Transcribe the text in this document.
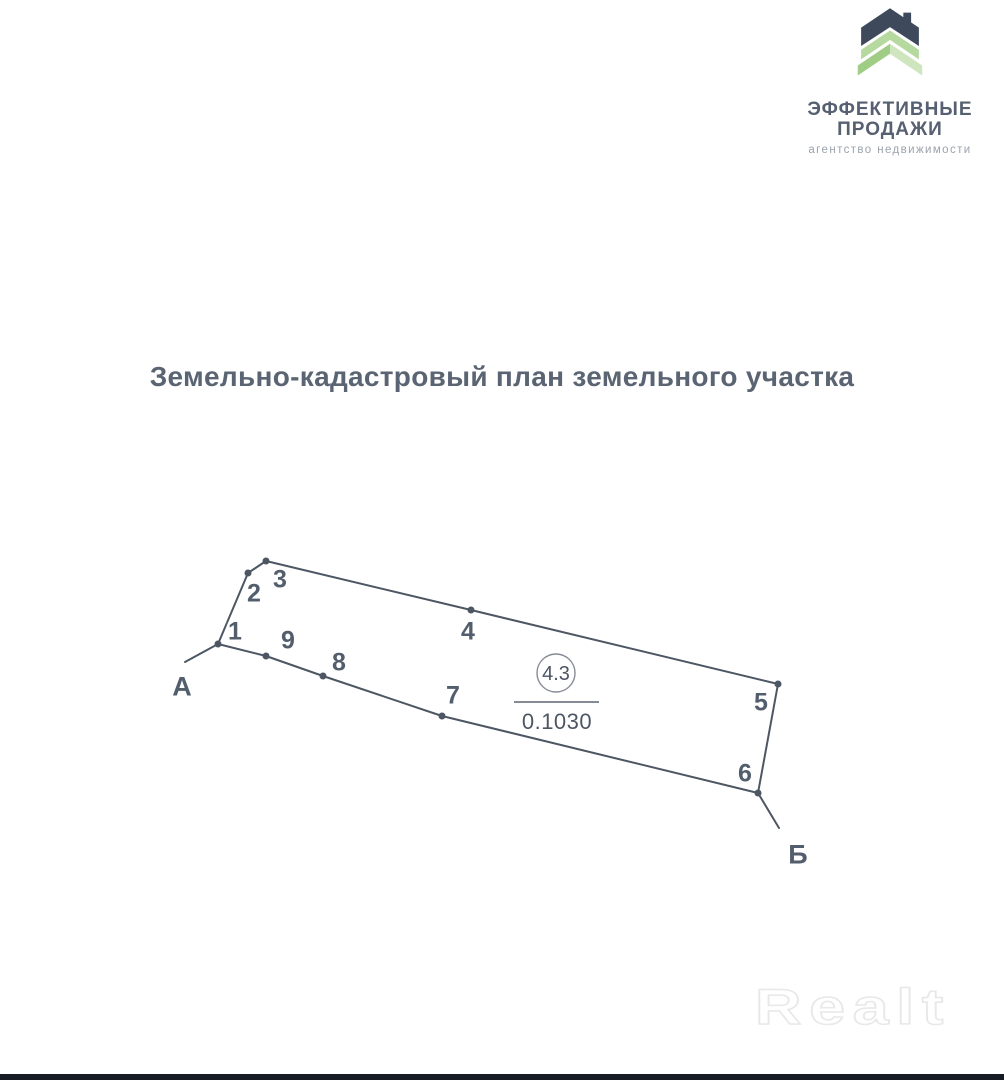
ЭФФЕКТИВНЫЕ
ПРОДАЖИ
агентство недвижимости
Земельно-кадастровый план земельного участка
4.3
0.1030
1
2 3
4
5
6
7
8
9
А
Б
Realt
